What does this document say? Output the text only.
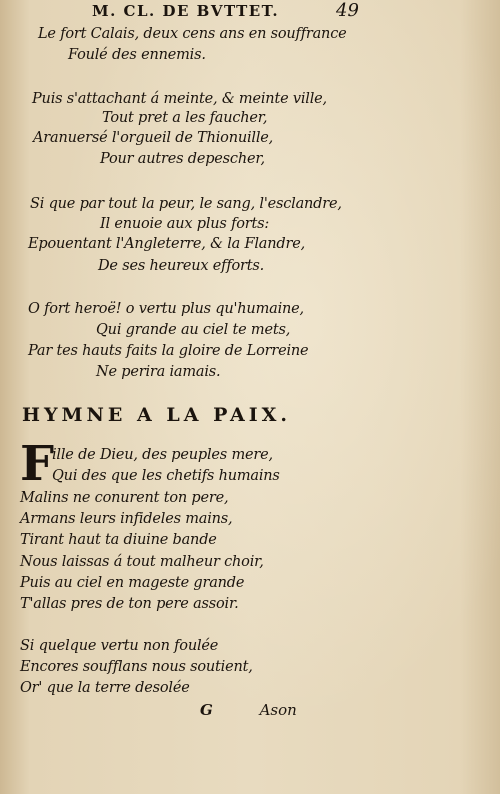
M. CL. DE BVTTET.	49
Le fort Calais, deux cens ans en souffrance
Foulé des ennemis.
Puis s'attachant á meinte, & meinte ville,
Tout pret a les faucher,
Aranuersé l'orgueil de Thionuille,
Pour autres depescher,
Si que par tout la peur, le sang, l'esclandre,
Il enuoie aux plus forts:
Epouentant l'Angleterre, & la Flandre,
De ses heureux efforts.
O fort heroë! o vertu plus qu'humaine,
Qui grande au ciel te mets,
Par tes hauts faits la gloire de Lorreine
Ne perira iamais.
HYMNE A LA PAIX.
F
ille de Dieu, des peuples mere,
Qui des que les chetifs humains
Malins ne conurent ton pere,
Armans leurs infideles mains,
Tirant haut ta diuine bande
Nous laissas á tout malheur choir,
Puis au ciel en mageste grande
T'allas pres de ton pere assoir.
Si quelque vertu non foulée
Encores soufflans nous soutient,
Or' que la terre desolée
G	Ason
